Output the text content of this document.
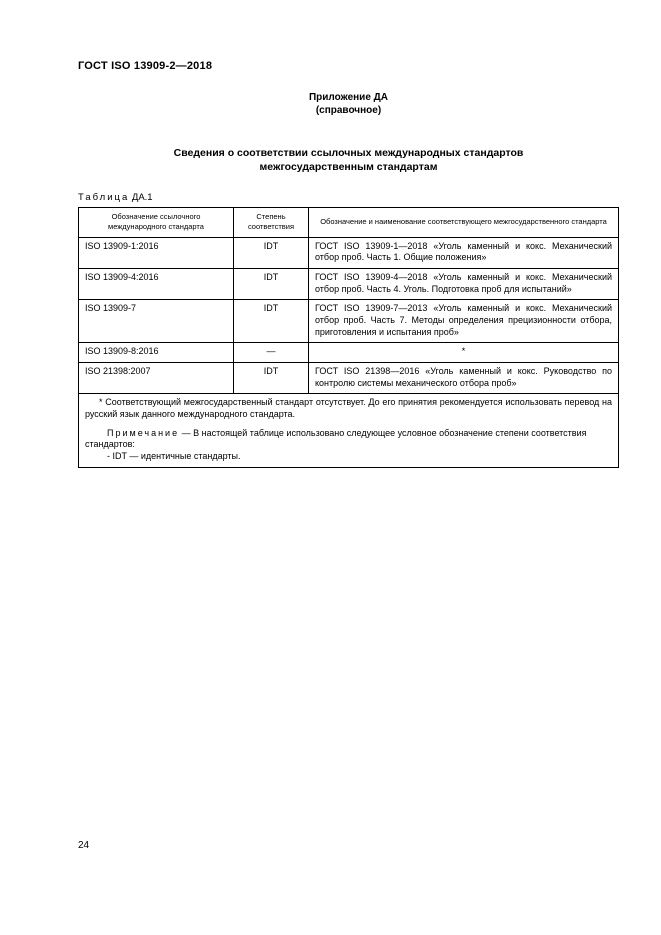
ГОСТ ISO 13909-2—2018
Приложение ДА
(справочное)
Сведения о соответствии ссылочных международных стандартов
межгосударственным стандартам
Таблица ДА.1
Обозначение ссылочного международного стандарта	Степень соответствия	Обозначение и наименование соответствующего межгосударственного стандарта
ISO 13909-1:2016	IDT	ГОСТ ISO 13909-1—2018 «Уголь каменный и кокс. Механический отбор проб. Часть 1. Общие положения»
ISO 13909-4:2016	IDT	ГОСТ ISO 13909-4—2018 «Уголь каменный и кокс. Механический отбор проб. Часть 4. Уголь. Подготовка проб для испытаний»
ISO 13909-7	IDT	ГОСТ ISO 13909-7—2013 «Уголь каменный и кокс. Механический отбор проб. Часть 7. Методы определения прецизионности отбора, приготовления и испытания проб»
ISO 13909-8:2016	—	*
ISO 21398:2007	IDT	ГОСТ ISO 21398—2016 «Уголь каменный и кокс. Руководство по контролю системы механического отбора проб»

* Соответствующий межгосударственный стандарт отсутствует. До его принятия рекомендуется использовать перевод на русский язык данного международного стандарта.
Примечание — В настоящей таблице использовано следующее условное обозначение степени соответствия стандартов:
- IDT — идентичные стандарты.		
24
